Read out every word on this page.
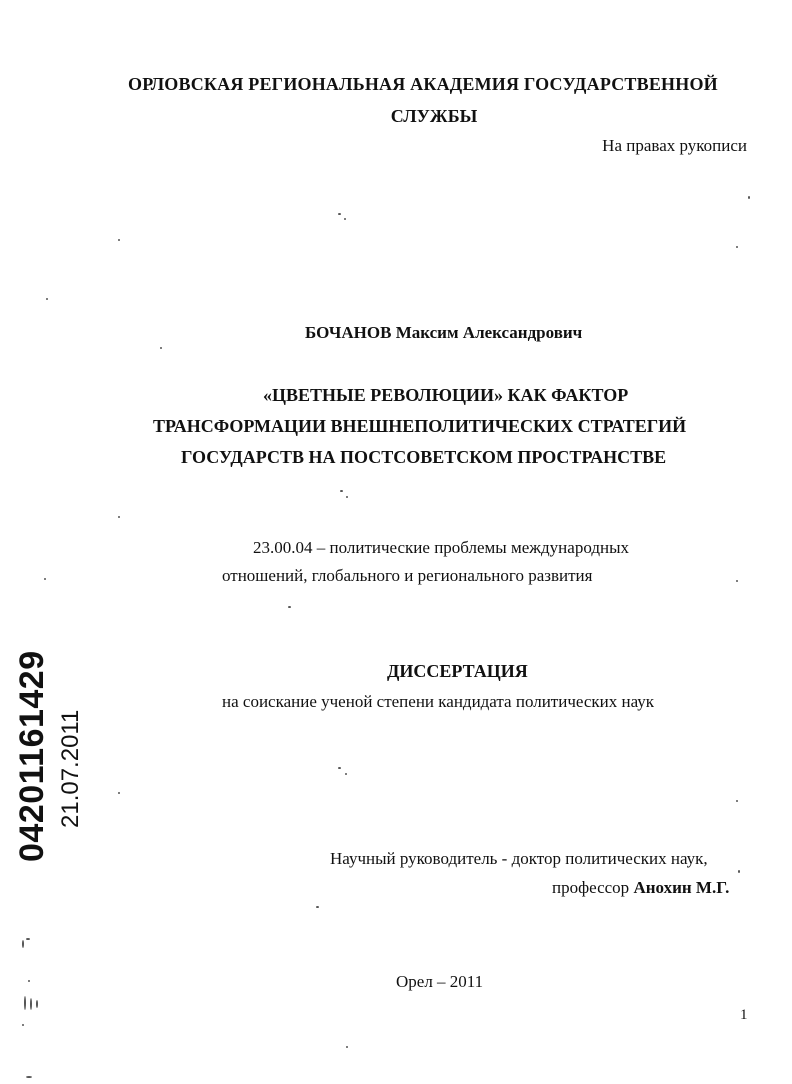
ОРЛОВСКАЯ РЕГИОНАЛЬНАЯ АКАДЕМИЯ ГОСУДАРСТВЕННОЙ
СЛУЖБЫ
На правах рукописи
БОЧАНОВ Максим Александрович
«ЦВЕТНЫЕ РЕВОЛЮЦИИ» КАК ФАКТОР
ТРАНСФОРМАЦИИ ВНЕШНЕПОЛИТИЧЕСКИХ СТРАТЕГИЙ
ГОСУДАРСТВ НА ПОСТСОВЕТСКОМ ПРОСТРАНСТВЕ
23.00.04 – политические проблемы международных
отношений, глобального и регионального развития
ДИССЕРТАЦИЯ
на соискание ученой степени кандидата политических наук
Научный руководитель - доктор политических наук,
профессор Анохин М.Г.
Орел – 2011
1
04201161429 21.07.2011
